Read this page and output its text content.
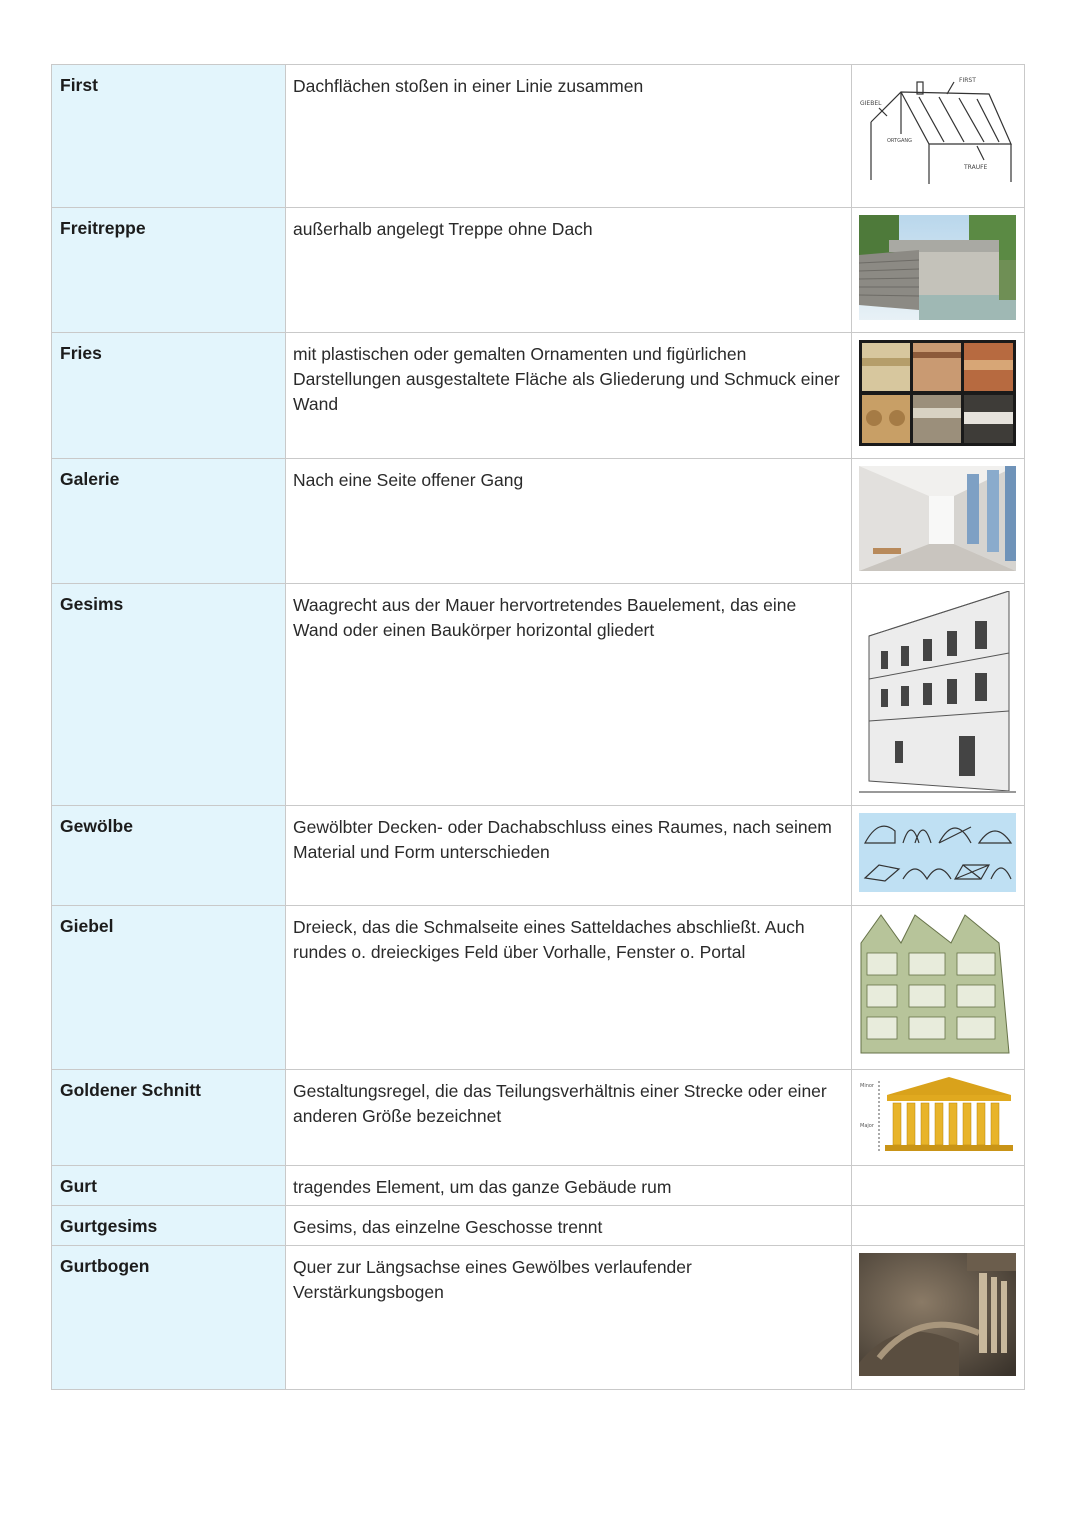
First	Dachflächen stoßen in einer Linie zusammen	FIRST
GIEBEL
ORTGANG
TRAUFE

Freitreppe	außerhalb angelegt Treppe ohne Dach

Fries	mit plastischen oder gemalten Ornamenten und figürlichen Darstellungen ausgestaltete Fläche als Gliederung und Schmuck einer Wand

Galerie	Nach eine Seite offener Gang

Gesims	Waagrecht aus der Mauer hervortretendes Bauelement, das eine Wand oder einen Baukörper horizontal gliedert

Gewölbe	Gewölbter Decken- oder Dachabschluss eines Raumes, nach seinem Material und Form unterschieden

Giebel	Dreieck, das die Schmalseite eines Satteldaches abschließt. Auch rundes o. dreieckiges Feld über Vorhalle, Fenster o. Portal

Goldener Schnitt	Gestaltungsregel, die das Teilungsverhältnis einer Strecke oder einer anderen Größe bezeichnet	Minor
Major

Gurt	tragendes Element, um das ganze Gebäude rum	

Gurtgesims	Gesims, das einzelne Geschosse trennt	

Gurtbogen	Quer zur Längsachse eines Gewölbes verlaufender Verstärkungsbogen
